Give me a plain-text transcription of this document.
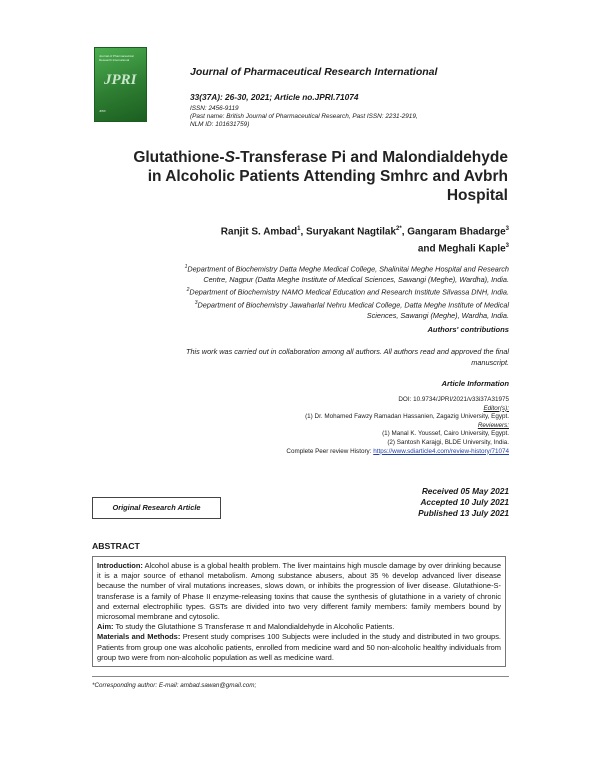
Journal of Pharmaceutical Research International
JPRI
JPRI
Journal of Pharmaceutical Research International
33(37A): 26-30, 2021; Article no.JPRI.71074
ISSN: 2456-9119
(Past name: British Journal of Pharmaceutical Research, Past ISSN: 2231-2919,
NLM ID: 101631759)
Glutathione-S-Transferase Pi and Malondialdehyde
in Alcoholic Patients Attending Smhrc and Avbrh
Hospital
Ranjit S. Ambad$^1$, Suryakant Nagtilak$^{2*}$, Gangaram Bhadarge$^3$
and Meghali Kaple$^3$
$^1$Department of Biochemistry Datta Meghe Medical College, Shalinitai Meghe Hospital and Research
Centre, Nagpur (Datta Meghe Institute of Medical Sciences, Sawangi (Meghe), Wardha), India.
$^2$Department of Biochemistry NAMO Medical Education and Research Institute Silvassa DNH, India.
$^3$Department of Biochemistry Jawaharlal Nehru Medical College, Datta Meghe Institute of Medical
Sciences, Sawangi (Meghe), Wardha, India.
Authors' contributions
This work was carried out in collaboration among all authors. All authors read and approved the final
manuscript.
Article Information
DOI: 10.9734/JPRI/2021/v33i37A31975
Editor(s):
(1) Dr. Mohamed Fawzy Ramadan Hassanien, Zagazig University, Egypt.
Reviewers:
(1) Manal K. Youssef, Cairo University, Egypt.
(2) Santosh Karajgi, BLDE University, India.
Complete Peer review History: https://www.sdiarticle4.com/review-history/71074
Original Research Article
Received 05 May 2021
Accepted 10 July 2021
Published 13 July 2021
ABSTRACT

Introduction: Alcohol abuse is a global health problem. The liver maintains high muscle damage by over drinking because it is a major source of ethanol metabolism. Among substance abusers, about 35 % develop advanced liver disease because the number of viral mutations increases, slows down, or inhibits the progression of liver disease. Glutathione-S-transferase is a family of Phase II enzyme-releasing toxins that cause the synthesis of glutathione in a variety of chronic and external electrophilic types. GSTs are divided into two very different family members: family members bound by microsomal membrane and cytosolic.

Aim: To study the Glutathione S Transferase π and Malondialdehyde in Alcoholic Patients.

Materials and Methods: Present study comprises 100 Subjects were included in the study and distributed in two groups. Patients from group one was alcoholic patients, enrolled from medicine ward and 50 non-alcoholic healthy individuals from group two were from non-alcoholic population as well as medicine ward.

*Corresponding author: E-mail: ambad.sawan@gmail.com;
